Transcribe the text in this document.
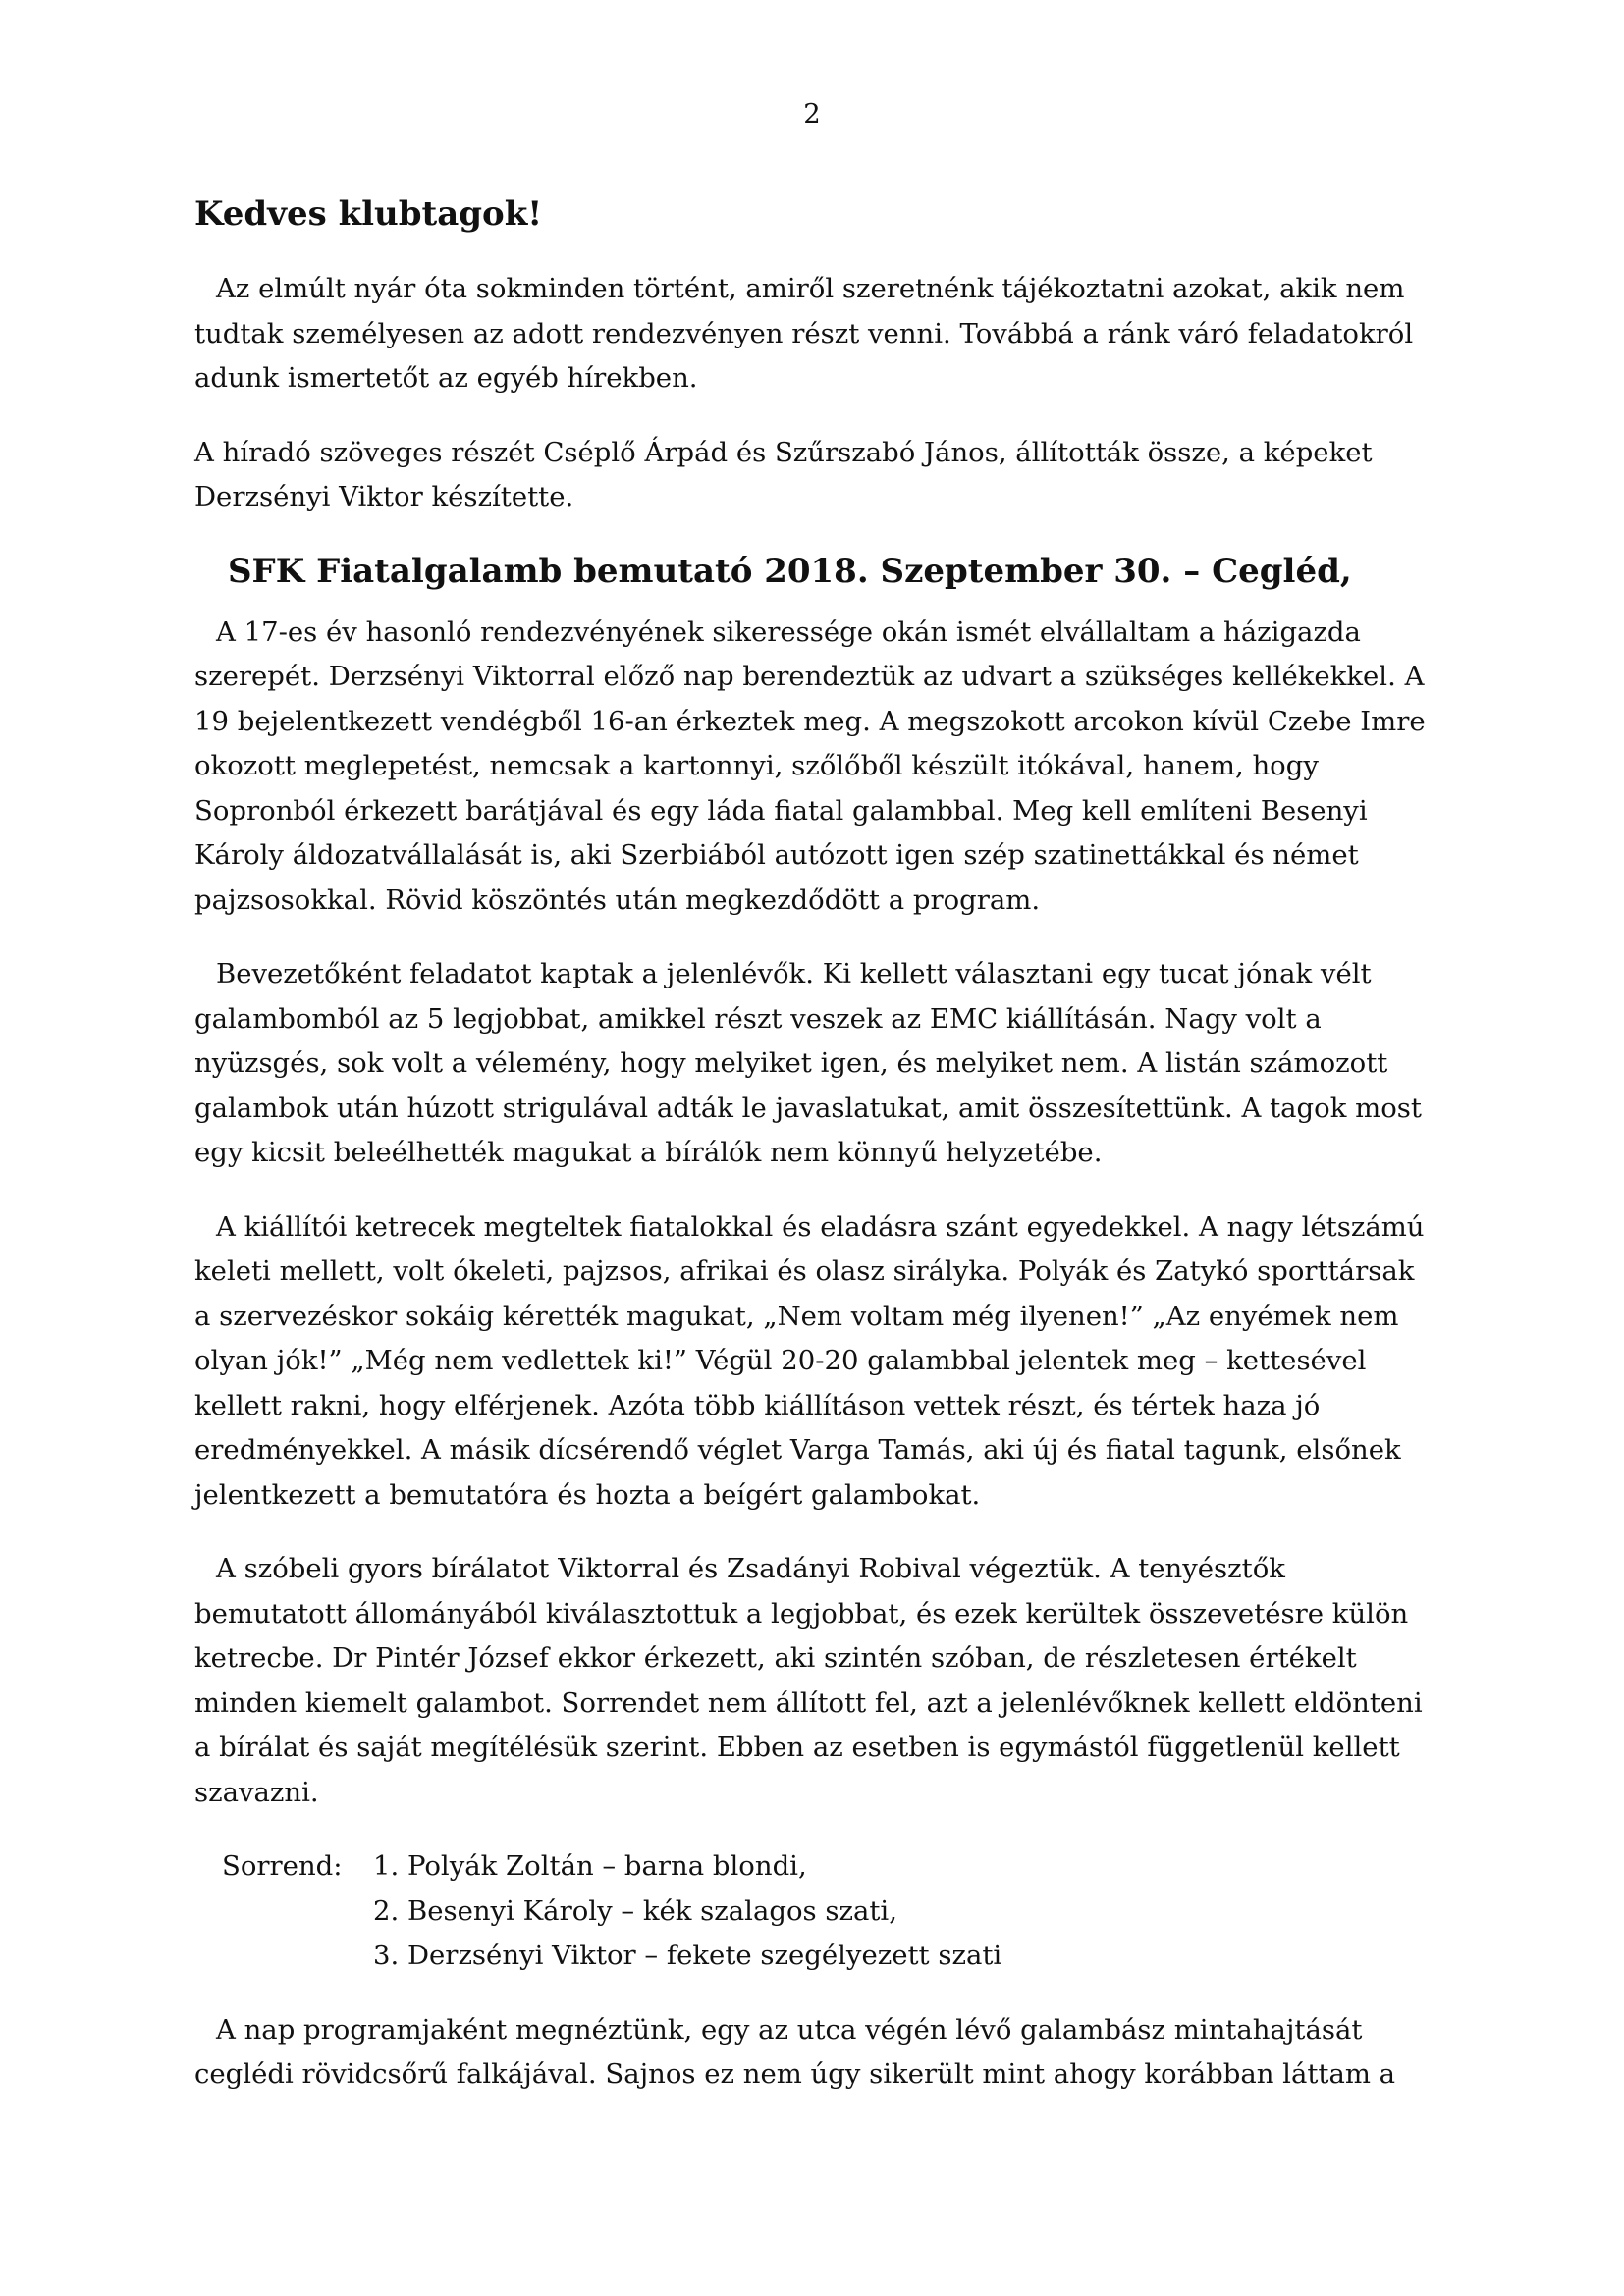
2
Kedves klubtagok!

Az elmúlt nyár óta sokminden történt, amiről szeretnénk tájékoztatni azokat, akik nem tudtak személyesen az adott rendezvényen részt venni. Továbbá a ránk váró feladatokról adunk ismertetőt az egyéb hírekben.

A híradó szöveges részét Cséplő Árpád és Szűrszabó János, állították össze, a képeket Derzsényi Viktor készítette.

SFK Fiatalgalamb bemutató 2018. Szeptember 30. – Cegléd,

A 17-es év hasonló rendezvényének sikeressége okán ismét elvállaltam a házigazda szerepét. Derzsényi Viktorral előző nap berendeztük az udvart a szükséges kellékekkel. A 19 bejelentkezett vendégből 16-an érkeztek meg. A megszokott arcokon kívül Czebe Imre okozott meglepetést, nemcsak a kartonnyi, szőlőből készült itókával, hanem, hogy Sopronból érkezett barátjával és egy láda fiatal galambbal. Meg kell említeni Besenyi Károly áldozatvállalását is, aki Szerbiából autózott igen szép szatinettákkal és német pajzsosokkal. Rövid köszöntés után megkezdődött a program.

Bevezetőként feladatot kaptak a jelenlévők. Ki kellett választani egy tucat jónak vélt galambomból az 5 legjobbat, amikkel részt veszek az EMC kiállításán. Nagy volt a nyüzsgés, sok volt a vélemény, hogy melyiket igen, és melyiket nem. A listán számozott galambok után húzott strigulával adták le javaslatukat, amit összesítettünk. A tagok most egy kicsit beleélhették magukat a bírálók nem könnyű helyzetébe.

A kiállítói ketrecek megteltek fiatalokkal és eladásra szánt egyedekkel. A nagy létszámú keleti mellett, volt ókeleti, pajzsos, afrikai és olasz sirálykа. Polyák és Zatykó sporttársak a szervezéskor sokáig kérették magukat, „Nem voltam még ilyenen!” „Az enyémek nem olyan jók!” „Még nem vedlettek ki!” Végül 20-20 galambbal jelentek meg – kettesével kellett rakni, hogy elférjenek. Azóta több kiállításon vettek részt, és tértek haza jó eredményekkel. A másik dícsérendő véglet Varga Tamás, aki új és fiatal tagunk, elsőnek jelentkezett a bemutatóra és hozta a beígért galambokat.

A szóbeli gyors bírálatot Viktorral és Zsadányi Robival végeztük. A tenyésztők bemutatott állományából kiválasztottuk a legjobbat, és ezek kerültek összevetésre külön ketrecbe. Dr Pintér József ekkor érkezett, aki szintén szóban, de részletesen értékelt minden kiemelt galambot. Sorrendet nem állított fel, azt a jelenlévőknek kellett eldönteni a bírálat és saját megítélésük szerint. Ebben az esetben is egymástól függetlenül kellett szavazni.

Sorrend:	1. Polyák Zoltán – barna blondi,
2. Besenyi Károly – kék szalagos szati,
3. Derzsényi Viktor – fekete szegélyezett szati

A nap programjaként megnéztünk, egy az utca végén lévő galambász mintahajtását ceglédi rövidcsőrű falkájával. Sajnos ez nem úgy sikerült mint ahogy korábban láttam a
